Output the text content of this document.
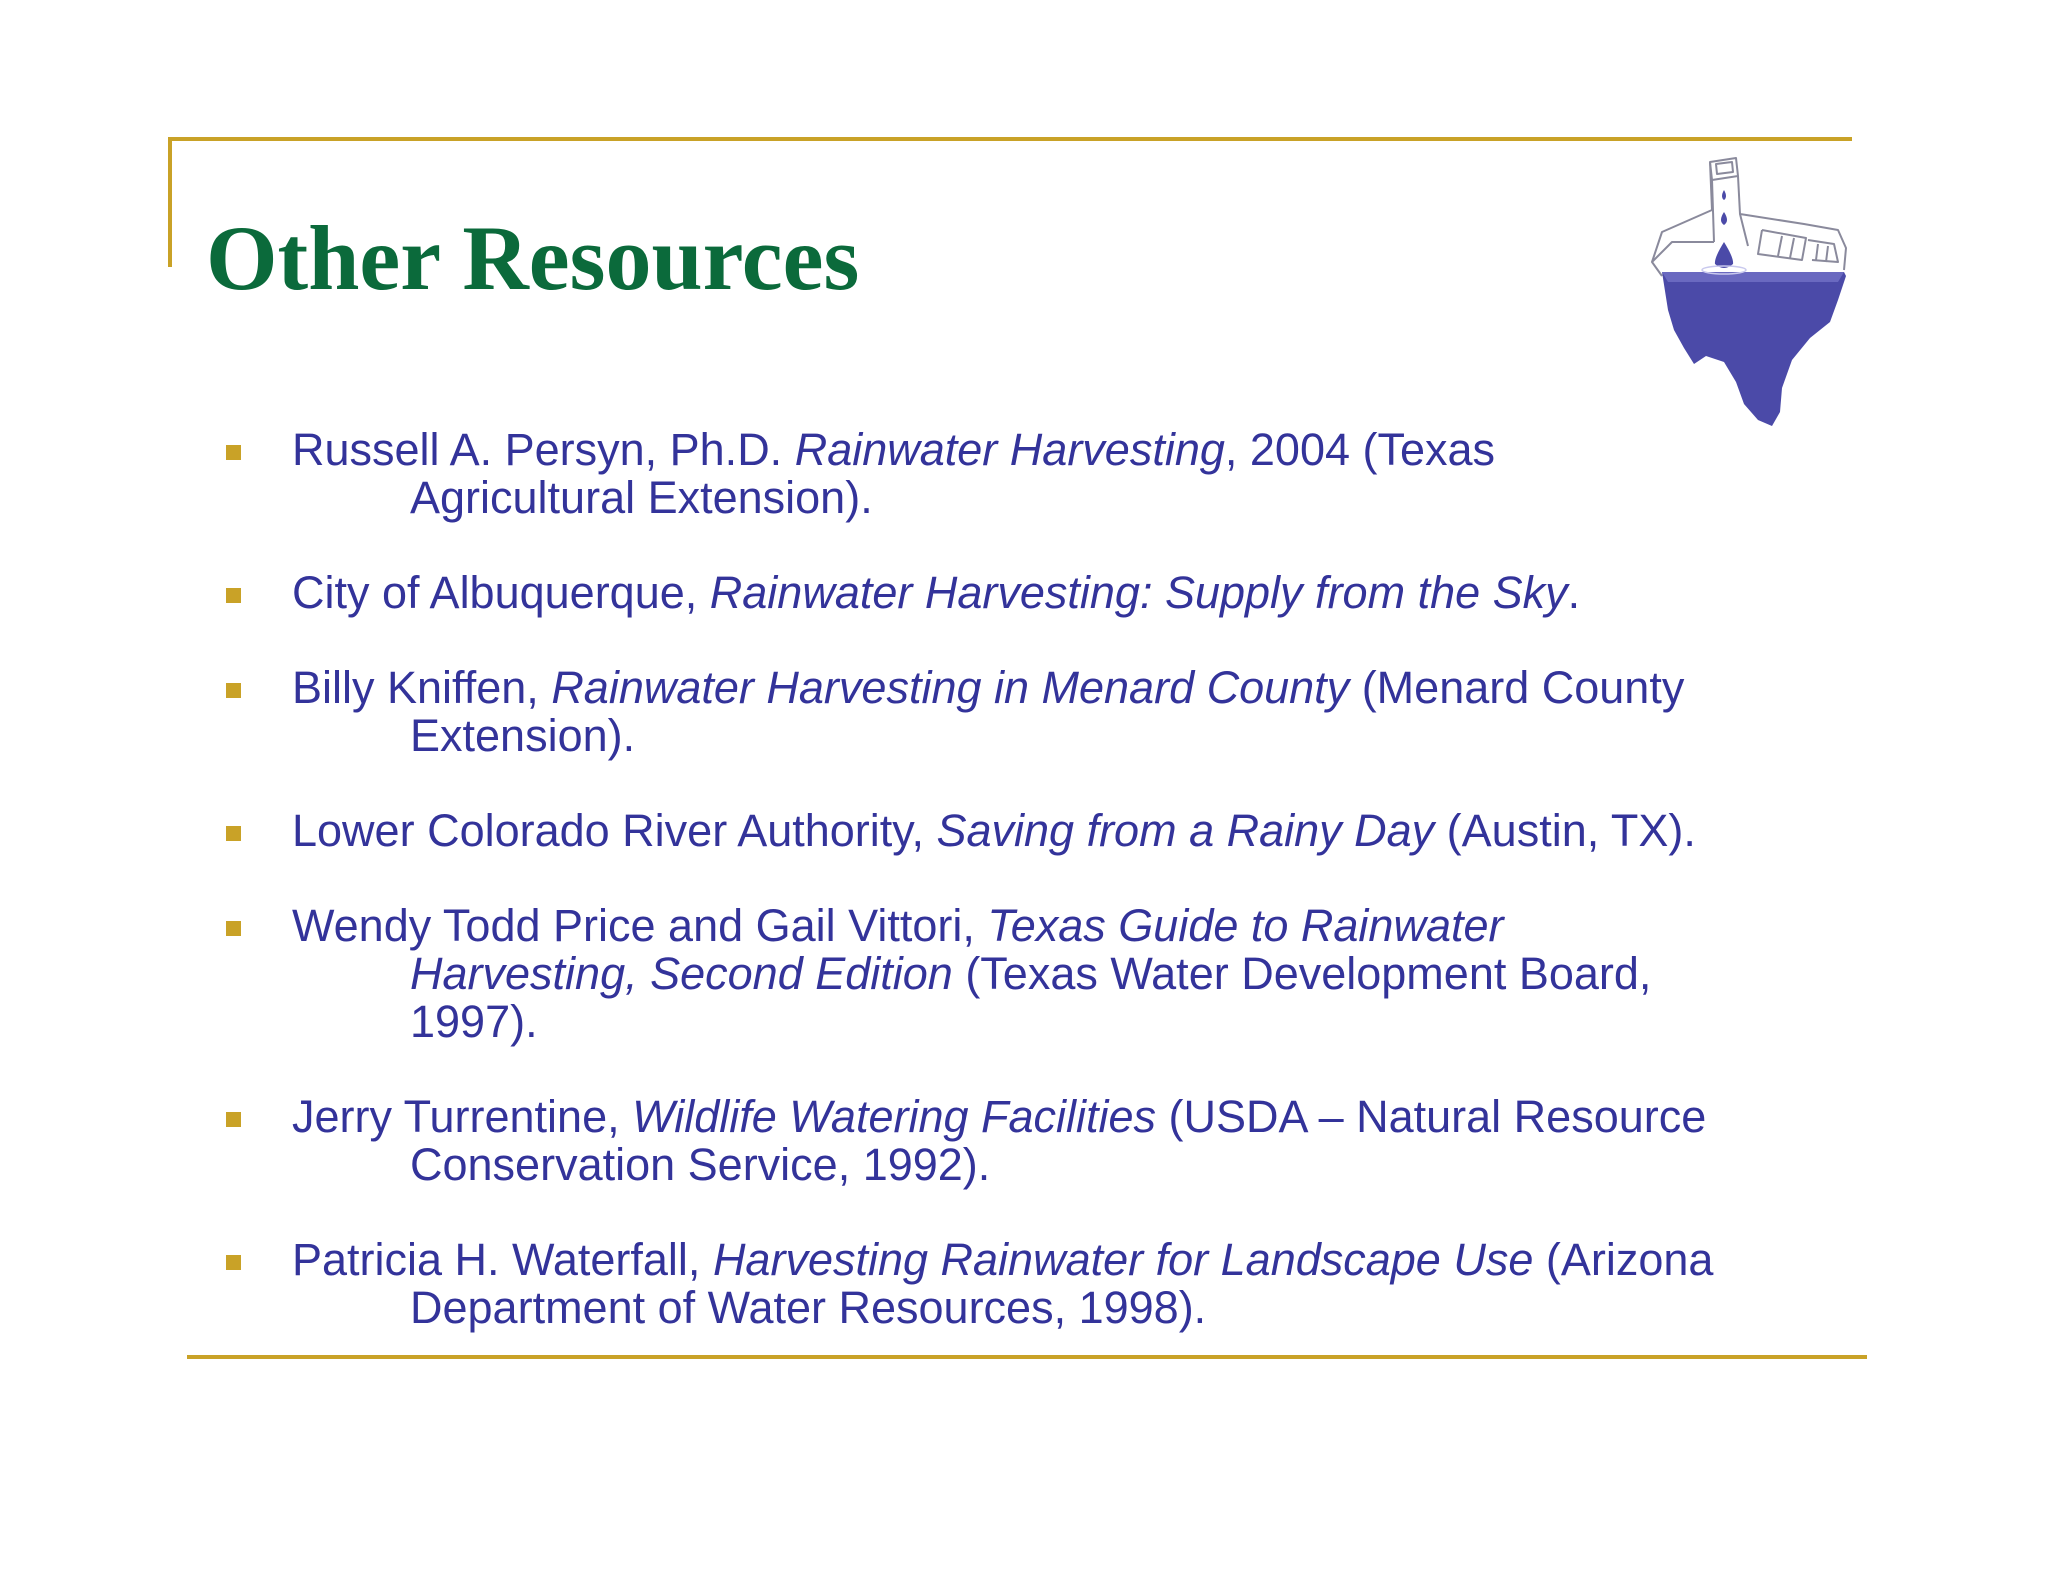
Other Resources
Russell A. Persyn, Ph.D. Rainwater Harvesting, 2004 (Texas
Agricultural Extension).
City of Albuquerque, Rainwater Harvesting: Supply from the Sky.
Billy Kniffen, Rainwater Harvesting in Menard County (Menard County
Extension).
Lower Colorado River Authority, Saving from a Rainy Day (Austin, TX).
Wendy Todd Price and Gail Vittori, Texas Guide to Rainwater
Harvesting, Second Edition (Texas Water Development Board,
1997).
Jerry Turrentine, Wildlife Watering Facilities (USDA – Natural Resource
Conservation Service, 1992).
Patricia H. Waterfall, Harvesting Rainwater for Landscape Use (Arizona
Department of Water Resources, 1998).
